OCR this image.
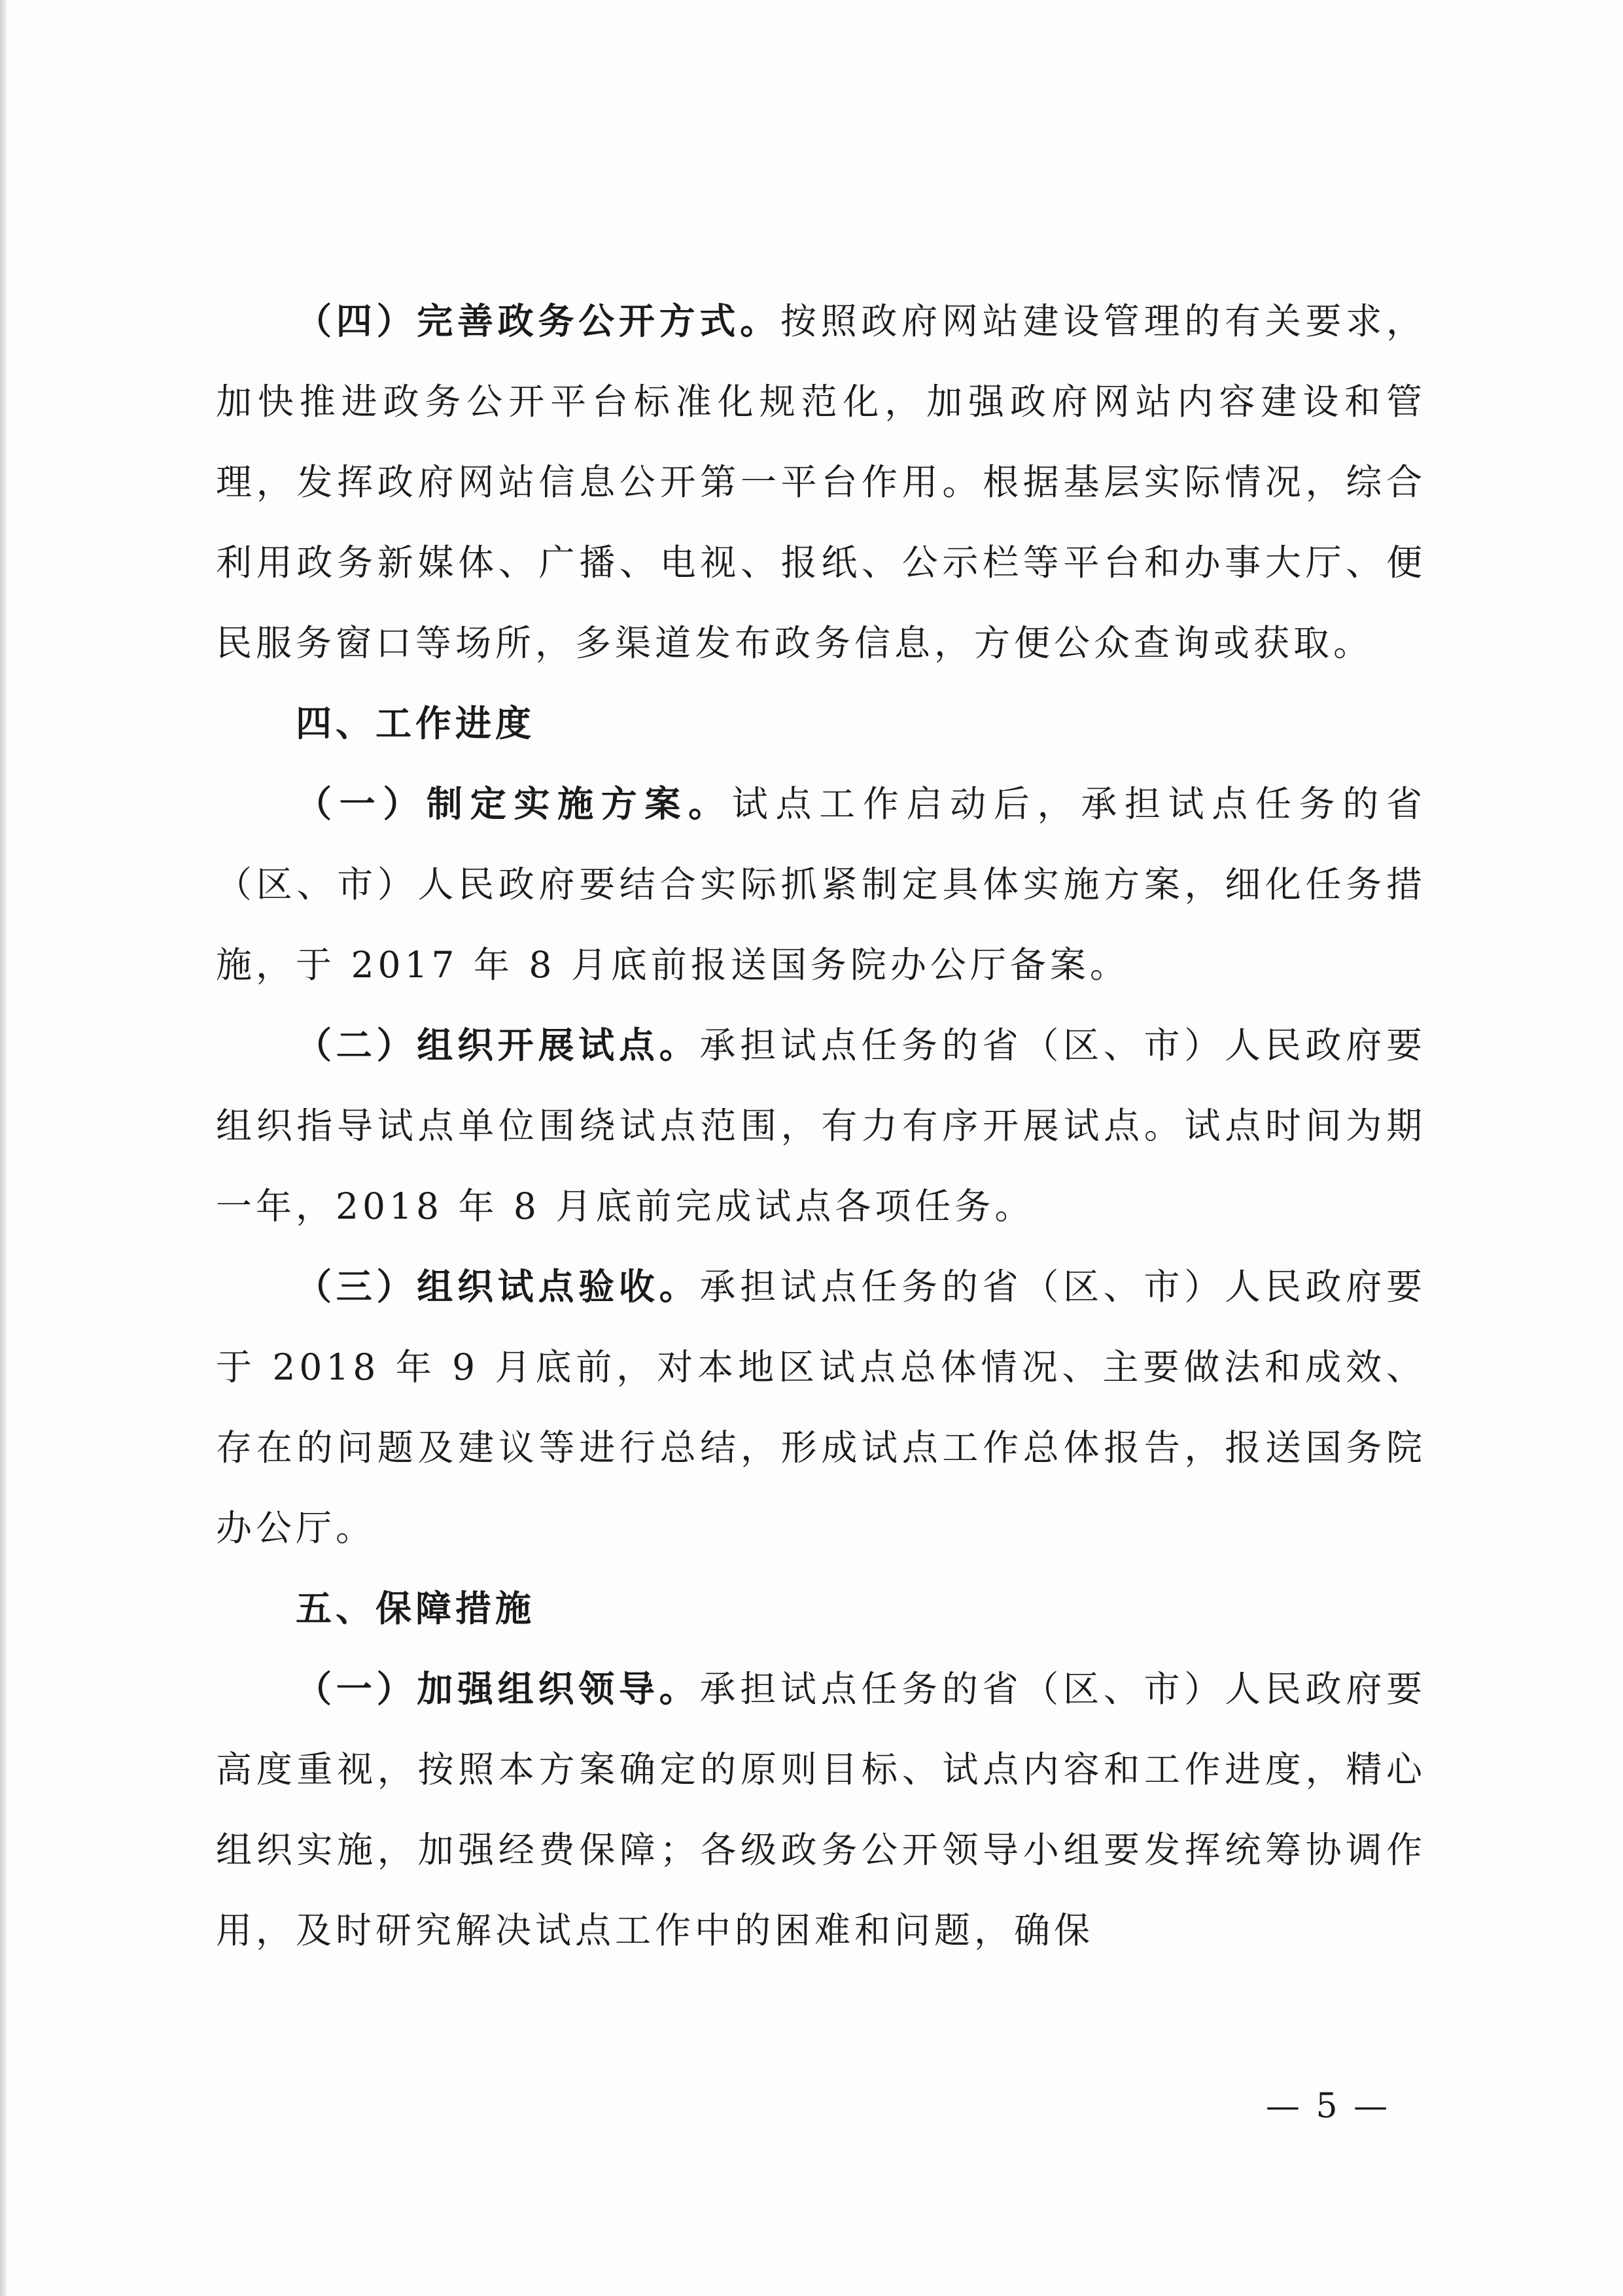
（四）完善政务公开方式。按照政府网站建设管理的有关要求，加快推进政务公开平台标准化规范化，加强政府网站内容建设和管理，发挥政府网站信息公开第一平台作用。根据基层实际情况，综合利用政务新媒体、广播、电视、报纸、公示栏等平台和办事大厅、便民服务窗口等场所，多渠道发布政务信息，方便公众查询或获取。

四、工作进度

（一）制定实施方案。试点工作启动后，承担试点任务的省（区、市）人民政府要结合实际抓紧制定具体实施方案，细化任务措施，于 2017 年 8 月底前报送国务院办公厅备案。

（二）组织开展试点。承担试点任务的省（区、市）人民政府要组织指导试点单位围绕试点范围，有力有序开展试点。试点时间为期一年，2018 年 8 月底前完成试点各项任务。

（三）组织试点验收。承担试点任务的省（区、市）人民政府要于 2018 年 9 月底前，对本地区试点总体情况、主要做法和成效、存在的问题及建议等进行总结，形成试点工作总体报告，报送国务院办公厅。

五、保障措施

（一）加强组织领导。承担试点任务的省（区、市）人民政府要高度重视，按照本方案确定的原则目标、试点内容和工作进度，精心组织实施，加强经费保障；各级政务公开领导小组要发挥统筹协调作用，及时研究解决试点工作中的困难和问题，确保

— 5 —
